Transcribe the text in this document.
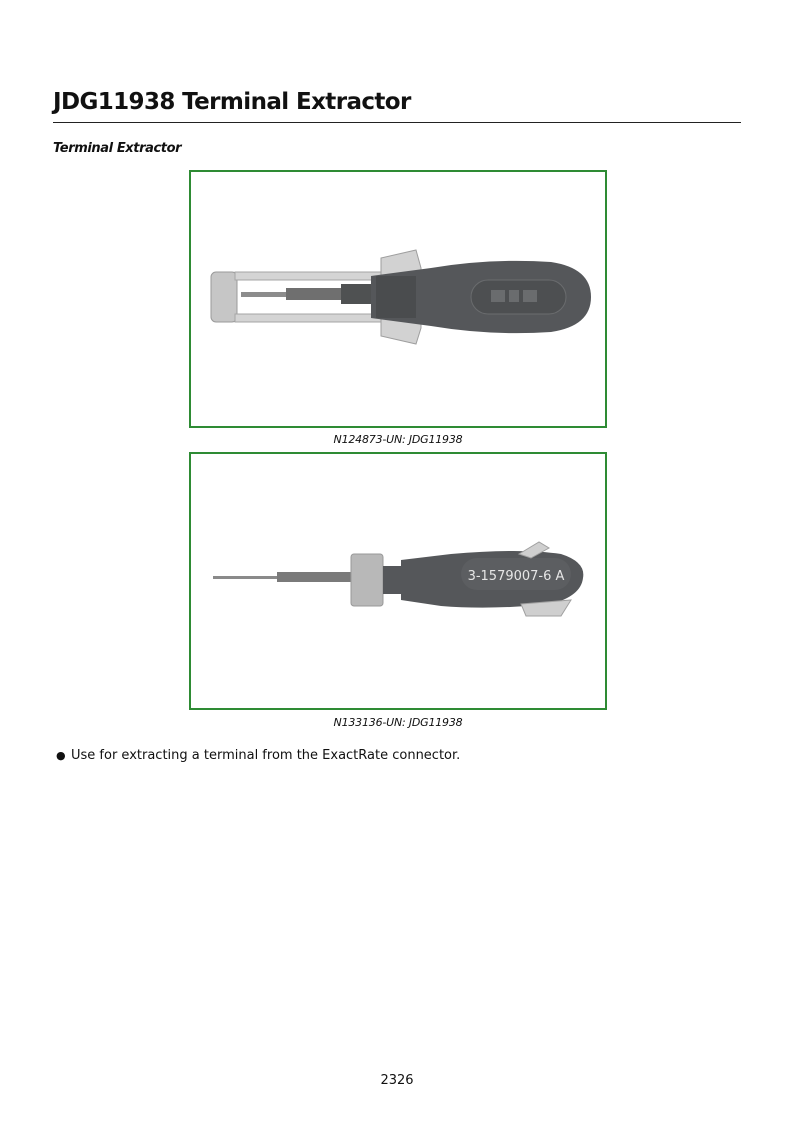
JDG11938 Terminal Extractor
Terminal Extractor
N124873-UN: JDG11938
3-1579007-6 A
N133136-UN: JDG11938
● Use for extracting a terminal from the ExactRate connector.
2326
